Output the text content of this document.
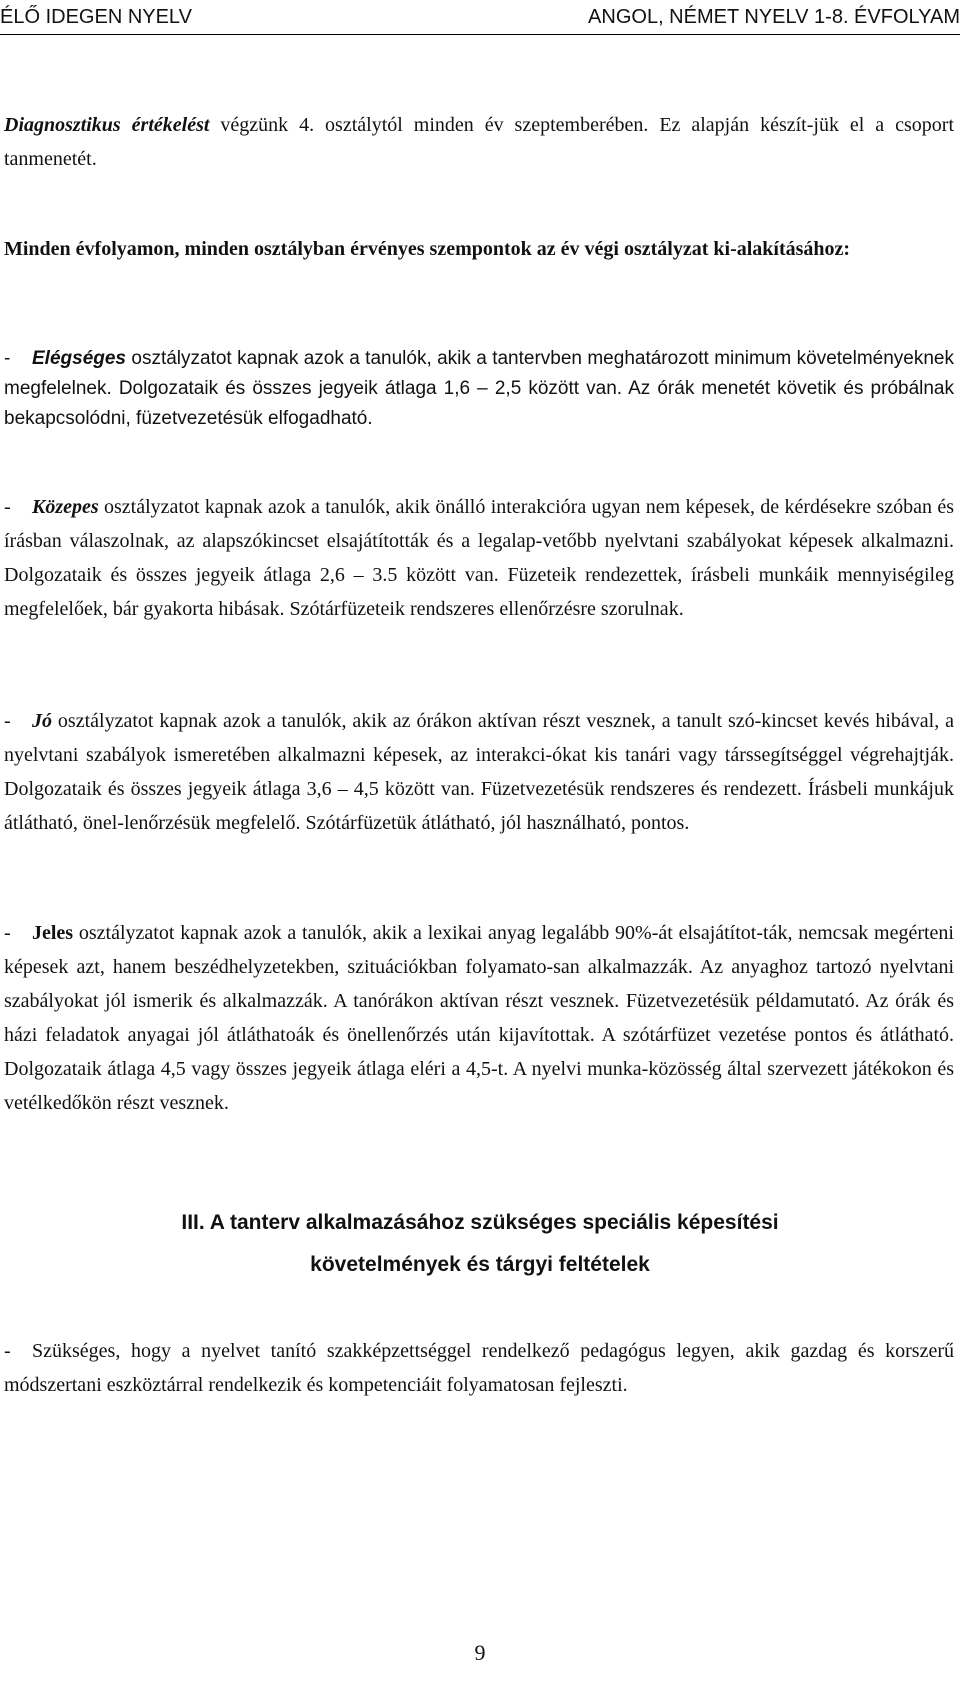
ÉLŐ IDEGEN NYELV	ANGOL, NÉMET NYELV 1-8. ÉVFOLYAM

Diagnosztikus értékelést végzünk 4. osztálytól minden év szeptemberében. Ez alapján készít-jük el a csoport tanmenetét.

Minden évfolyamon, minden osztályban érvényes szempontok az év végi osztályzat ki-alakításához:

- Elégséges osztályzatot kapnak azok a tanulók, akik a tantervben meghatározott minimum követelményeknek megfelelnek. Dolgozataik és összes jegyeik átlaga 1,6 – 2,5 között van. Az órák menetét követik és próbálnak bekapcsolódni, füzetvezetésük elfogadható.

- Közepes osztályzatot kapnak azok a tanulók, akik önálló interakcióra ugyan nem képesek, de kérdésekre szóban és írásban válaszolnak, az alapszókincset elsajátították és a legalap-vetőbb nyelvtani szabályokat képesek alkalmazni. Dolgozataik és összes jegyeik átlaga 2,6 – 3.5 között van. Füzeteik rendezettek, írásbeli munkáik mennyiségileg megfelelőek, bár gyakorta hibásak. Szótárfüzeteik rendszeres ellenőrzésre szorulnak.

- Jó osztályzatot kapnak azok a tanulók, akik az órákon aktívan részt vesznek, a tanult szó-kincset kevés hibával, a nyelvtani szabályok ismeretében alkalmazni képesek, az interakci-ókat kis tanári vagy társsegítséggel végrehajtják. Dolgozataik és összes jegyeik átlaga 3,6 – 4,5 között van. Füzetvezetésük rendszeres és rendezett. Írásbeli munkájuk átlátható, önel-lenőrzésük megfelelő. Szótárfüzetük átlátható, jól használható, pontos.

- Jeles osztályzatot kapnak azok a tanulók, akik a lexikai anyag legalább 90%-át elsajátítot-ták, nemcsak megérteni képesek azt, hanem beszédhelyzetekben, szituációkban folyamato-san alkalmazzák. Az anyaghoz tartozó nyelvtani szabályokat jól ismerik és alkalmazzák. A tanórákon aktívan részt vesznek. Füzetvezetésük példamutató. Az órák és házi feladatok anyagai jól átláthatoák és önellenőrzés után kijavítottak. A szótárfüzet vezetése pontos és átlátható. Dolgozataik átlaga 4,5 vagy összes jegyeik átlaga eléri a 4,5-t. A nyelvi munka-közösség által szervezett játékokon és vetélkedőkön részt vesznek.

III. A tanterv alkalmazásához szükséges speciális képesítési
követelmények és tárgyi feltételek

- Szükséges, hogy a nyelvet tanító szakképzettséggel rendelkező pedagógus legyen, akik gazdag és korszerű módszertani eszköztárral rendelkezik és kompetenciáit folyamatosan fejleszti.

9
